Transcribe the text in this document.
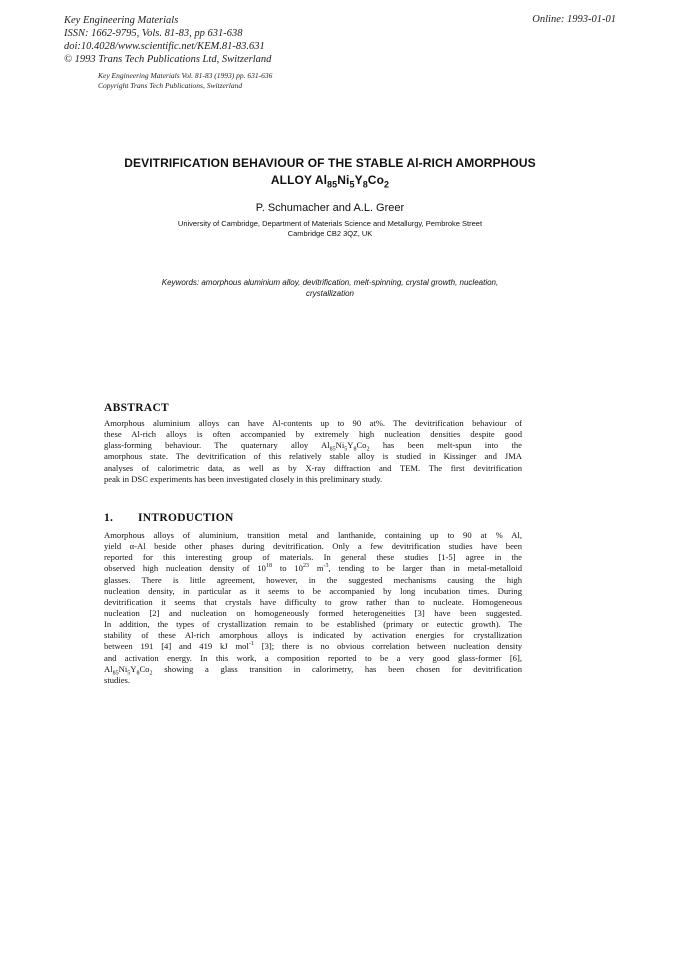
Key Engineering Materials
ISSN: 1662-9795, Vols. 81-83, pp 631-638
doi:10.4028/www.scientific.net/KEM.81-83.631
© 1993 Trans Tech Publications Ltd, Switzerland
Online: 1993-01-01
Key Engineering Materials Vol. 81-83 (1993) pp. 631-636
Copyright Trans Tech Publications, Switzerland
DEVITRIFICATION BEHAVIOUR OF THE STABLE Al-RICH AMORPHOUS
ALLOY $Al_{85}Ni_5Y_8Co_2$
P. Schumacher and A.L. Greer
University of Cambridge, Department of Materials Science and Metallurgy, Pembroke Street
Cambridge CB2 3QZ, UK
Keywords: amorphous aluminium alloy, devitrification, melt-spinning, crystal growth, nucleation,
crystallization
ABSTRACT
Amorphous aluminium alloys can have Al-contents up to 90 at%. The devitrification behaviour of
these Al-rich alloys is often accompanied by extremely high nucleation densities despite good
glass-forming behaviour. The quaternary alloy $Al_{85}Ni_5Y_8Co_2$ has been melt-spun into the
amorphous state. The devitrification of this relatively stable alloy is studied in Kissinger and JMA
analyses of calorimetric data, as well as by X-ray diffraction and TEM. The first devitrification
peak in DSC experiments has been investigated closely in this preliminary study.
1. INTRODUCTION
Amorphous alloys of aluminium, transition metal and lanthanide, containing up to 90 at % Al,
yield α-Al beside other phases during devitrification. Only a few devitrification studies have been
reported for this interesting group of materials. In general these studies [1-5] agree in the
observed high nucleation density of $10^{18}$ to $10^{23}$ $m^{-3}$, tending to be larger than in metal-metalloid
glasses. There is little agreement, however, in the suggested mechanisms causing the high
nucleation density, in particular as it seems to be accompanied by long incubation times. During
devitrification it seems that crystals have difficulty to grow rather than to nucleate. Homogeneous
nucleation [2] and nucleation on homogeneously formed heterogeneities [3] have been suggested.
In addition, the types of crystallization remain to be established (primary or eutectic growth). The
stability of these Al-rich amorphous alloys is indicated by activation energies for crystallization
between 191 [4] and 419 kJ mol$^{-1}$ [3]; there is no obvious correlation between nucleation density
and activation energy. In this work, a composition reported to be a very good glass-former [6],
$Al_{85}Ni_5Y_8Co_2$ showing a glass transition in calorimetry, has been chosen for devitrification
studies.
